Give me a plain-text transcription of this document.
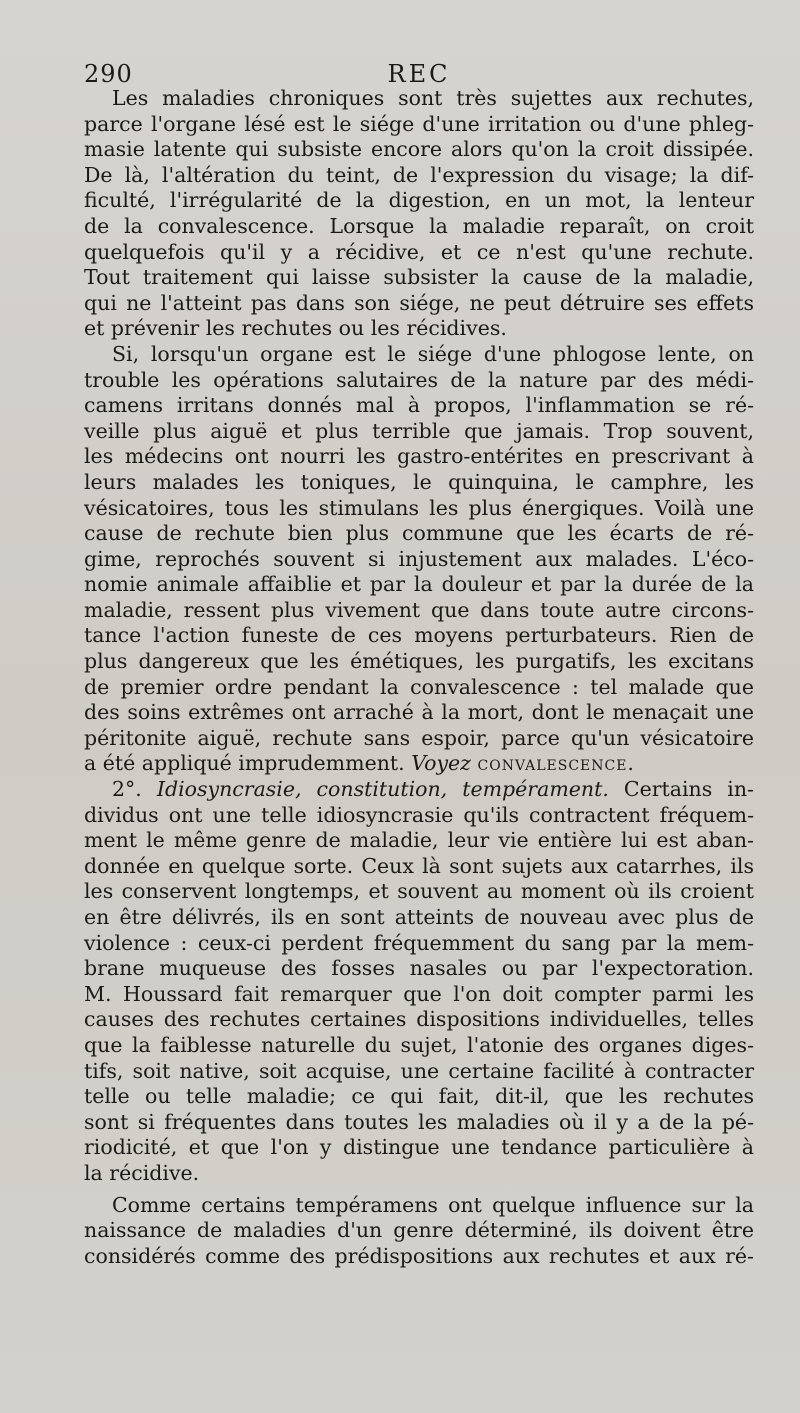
290	REC
Les maladies chroniques sont très sujettes aux rechutes,
parce l'organe lésé est le siége d'une irritation ou d'une phleg-
masie latente qui subsiste encore alors qu'on la croit dissipée.
De là, l'altération du teint, de l'expression du visage; la dif-
ficulté, l'irrégularité de la digestion, en un mot, la lenteur
de la convalescence. Lorsque la maladie reparaît, on croit
quelquefois qu'il y a récidive, et ce n'est qu'une rechute.
Tout traitement qui laisse subsister la cause de la maladie,
qui ne l'atteint pas dans son siége, ne peut détruire ses effets
et prévenir les rechutes ou les récidives.
Si, lorsqu'un organe est le siége d'une phlogose lente, on
trouble les opérations salutaires de la nature par des médi-
camens irritans donnés mal à propos, l'inflammation se ré-
veille plus aiguë et plus terrible que jamais. Trop souvent,
les médecins ont nourri les gastro-entérites en prescrivant à
leurs malades les toniques, le quinquina, le camphre, les
vésicatoires, tous les stimulans les plus énergiques. Voilà une
cause de rechute bien plus commune que les écarts de ré-
gime, reprochés souvent si injustement aux malades. L'éco-
nomie animale affaiblie et par la douleur et par la durée de la
maladie, ressent plus vivement que dans toute autre circons-
tance l'action funeste de ces moyens perturbateurs. Rien de
plus dangereux que les émétiques, les purgatifs, les excitans
de premier ordre pendant la convalescence : tel malade que
des soins extrêmes ont arraché à la mort, dont le menaçait une
péritonite aiguë, rechute sans espoir, parce qu'un vésicatoire
a été appliqué imprudemment. Voyez convalescence.
2°. Idiosyncrasie, constitution, tempérament. Certains in-
dividus ont une telle idiosyncrasie qu'ils contractent fréquem-
ment le même genre de maladie, leur vie entière lui est aban-
donnée en quelque sorte. Ceux là sont sujets aux catarrhes, ils
les conservent longtemps, et souvent au moment où ils croient
en être délivrés, ils en sont atteints de nouveau avec plus de
violence : ceux-ci perdent fréquemment du sang par la mem-
brane muqueuse des fosses nasales ou par l'expectoration.
M. Houssard fait remarquer que l'on doit compter parmi les
causes des rechutes certaines dispositions individuelles, telles
que la faiblesse naturelle du sujet, l'atonie des organes diges-
tifs, soit native, soit acquise, une certaine facilité à contracter
telle ou telle maladie; ce qui fait, dit-il, que les rechutes
sont si fréquentes dans toutes les maladies où il y a de la pé-
riodicité, et que l'on y distingue une tendance particulière à
la récidive.
Comme certains tempéramens ont quelque influence sur la
naissance de maladies d'un genre déterminé, ils doivent être
considérés comme des prédispositions aux rechutes et aux ré-
